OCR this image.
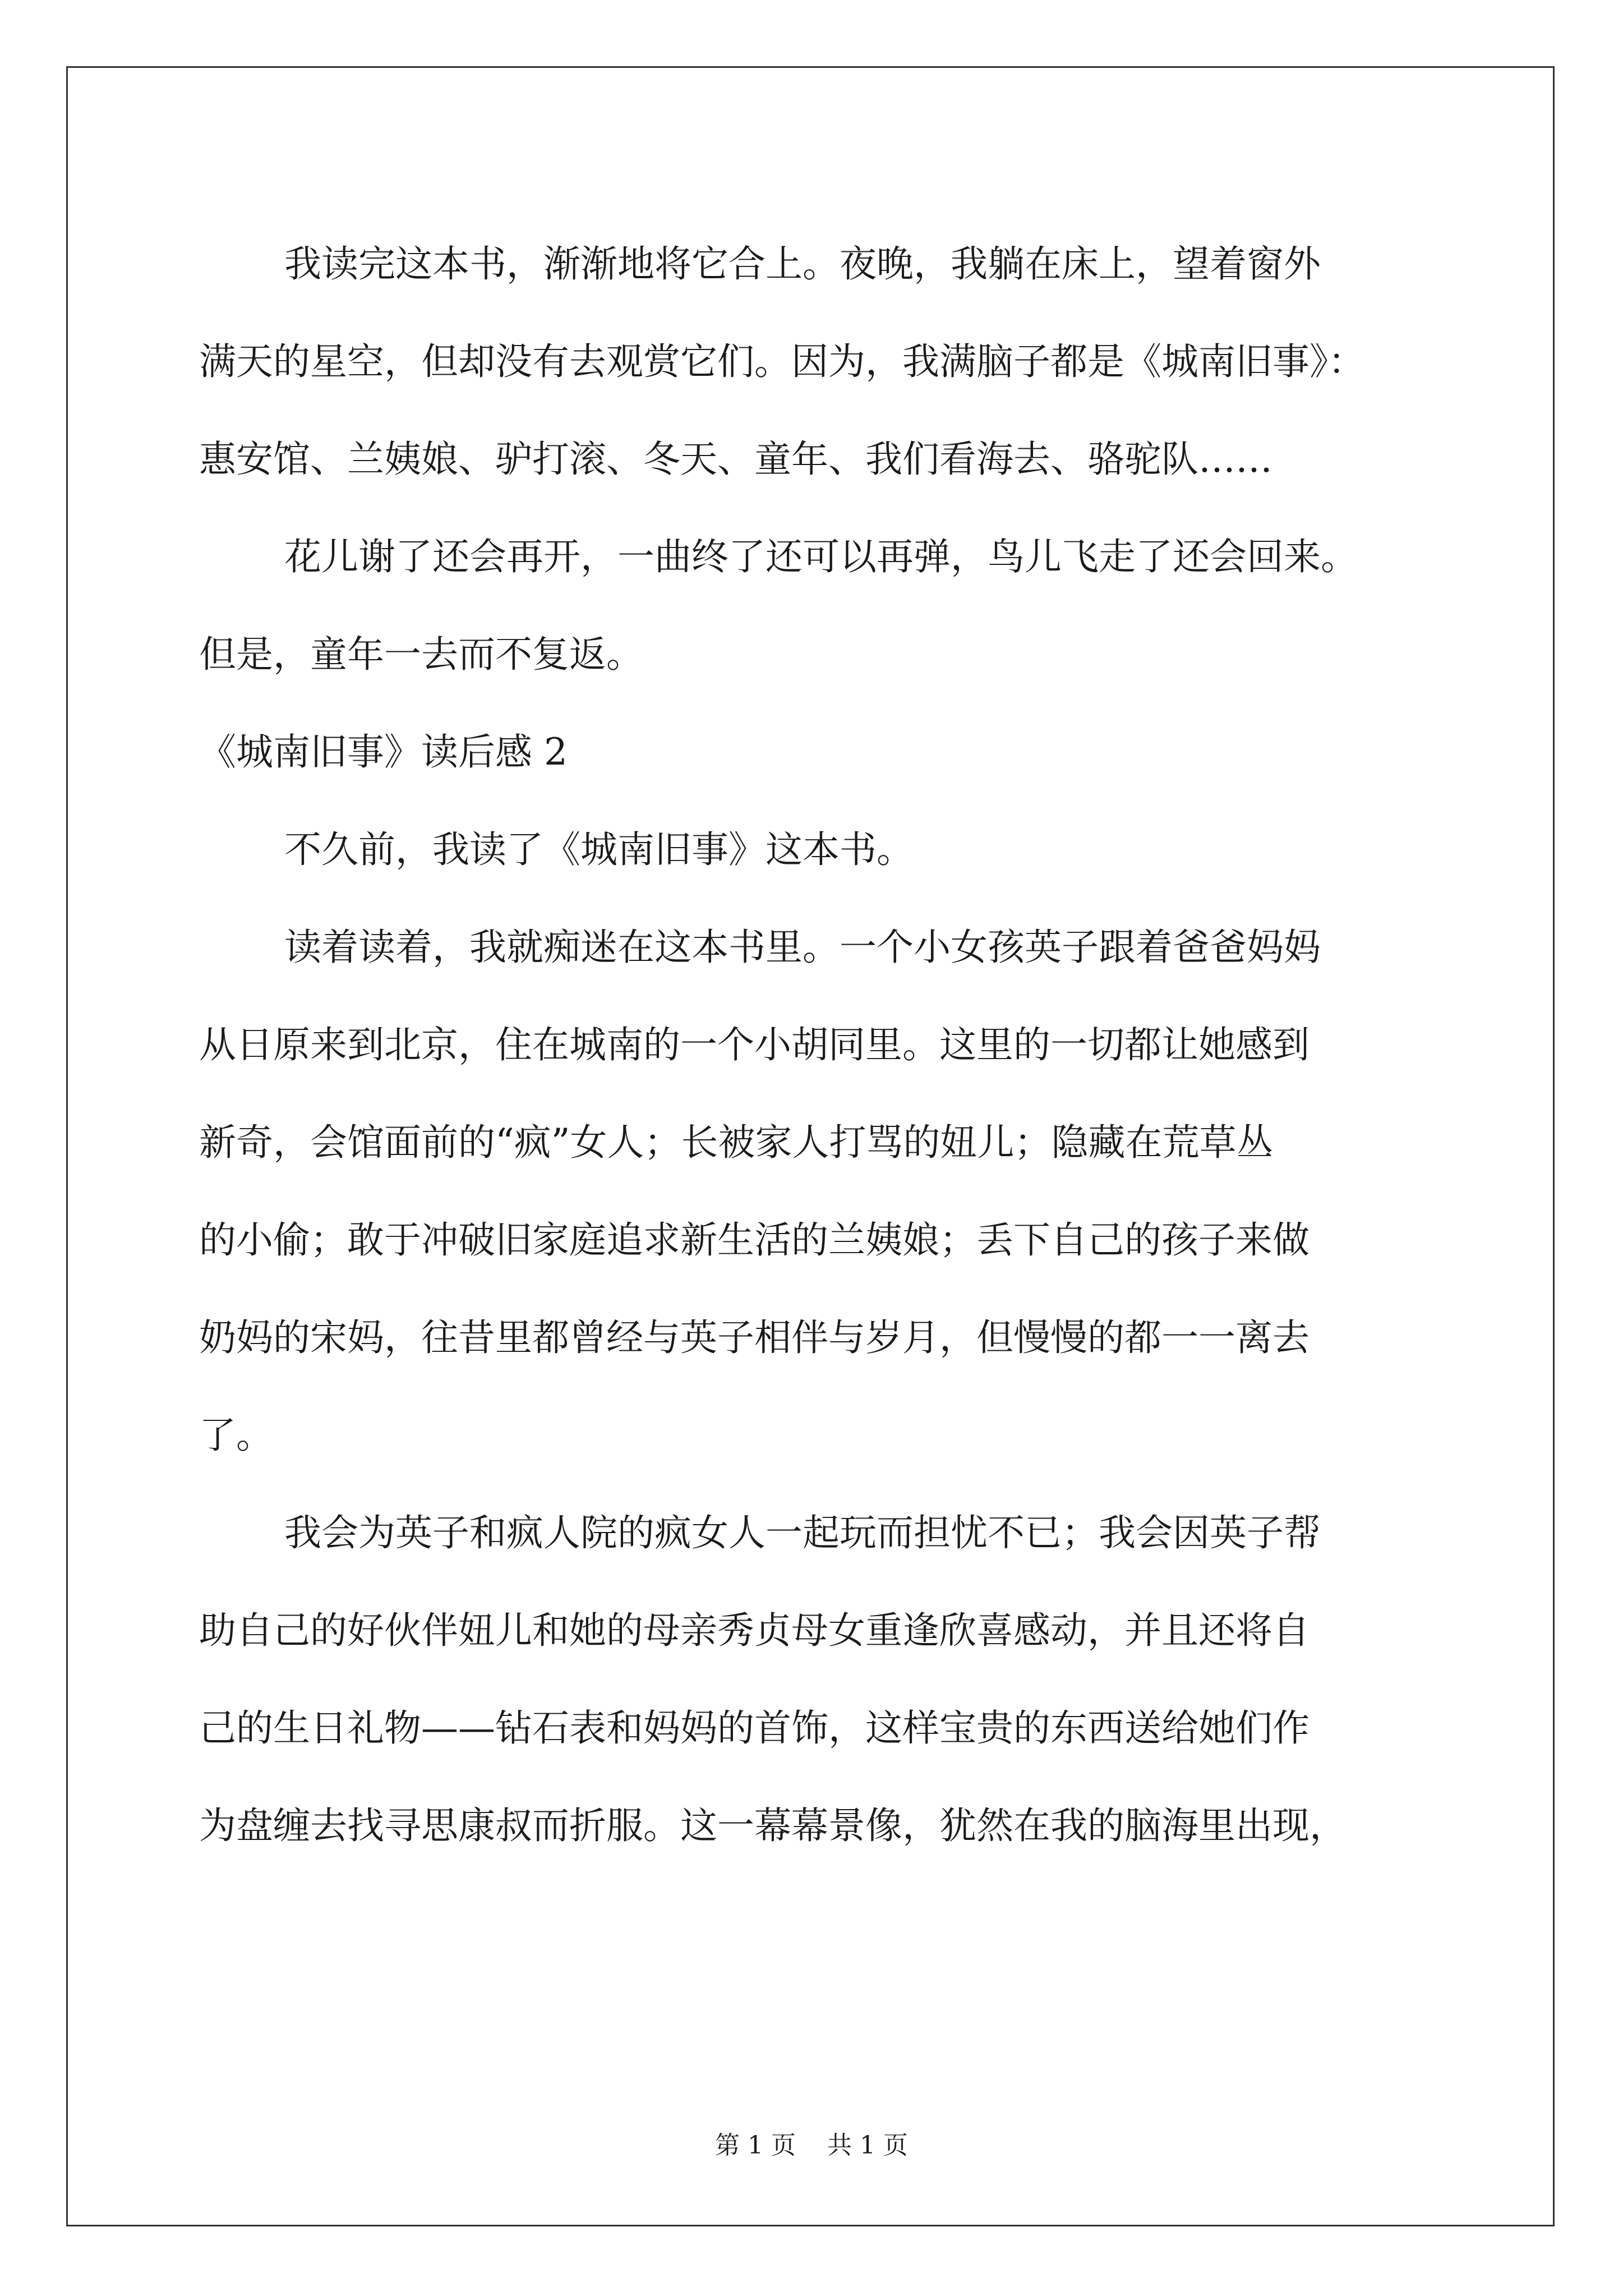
我读完这本书，渐渐地将它合上。夜晚，我躺在床上，望着窗外
满天的星空，但却没有去观赏它们。因为，我满脑子都是《城南旧事》：
惠安馆、兰姨娘、驴打滚、冬天、童年、我们看海去、骆驼队……
花儿谢了还会再开，一曲终了还可以再弹，鸟儿飞走了还会回来。
但是，童年一去而不复返。
《城南旧事》读后感 2
不久前，我读了《城南旧事》这本书。
读着读着，我就痴迷在这本书里。一个小女孩英子跟着爸爸妈妈
从日原来到北京，住在城南的一个小胡同里。这里的一切都让她感到
新奇，会馆面前的“疯”女人；长被家人打骂的妞儿；隐藏在荒草丛
的小偷；敢于冲破旧家庭追求新生活的兰姨娘；丢下自己的孩子来做
奶妈的宋妈，往昔里都曾经与英子相伴与岁月，但慢慢的都一一离去
了。
我会为英子和疯人院的疯女人一起玩而担忧不已；我会因英子帮
助自己的好伙伴妞儿和她的母亲秀贞母女重逢欣喜感动，并且还将自
己的生日礼物——钻石表和妈妈的首饰，这样宝贵的东西送给她们作
为盘缠去找寻思康叔而折服。这一幕幕景像，犹然在我的脑海里出现，
第 1 页    共 1 页
